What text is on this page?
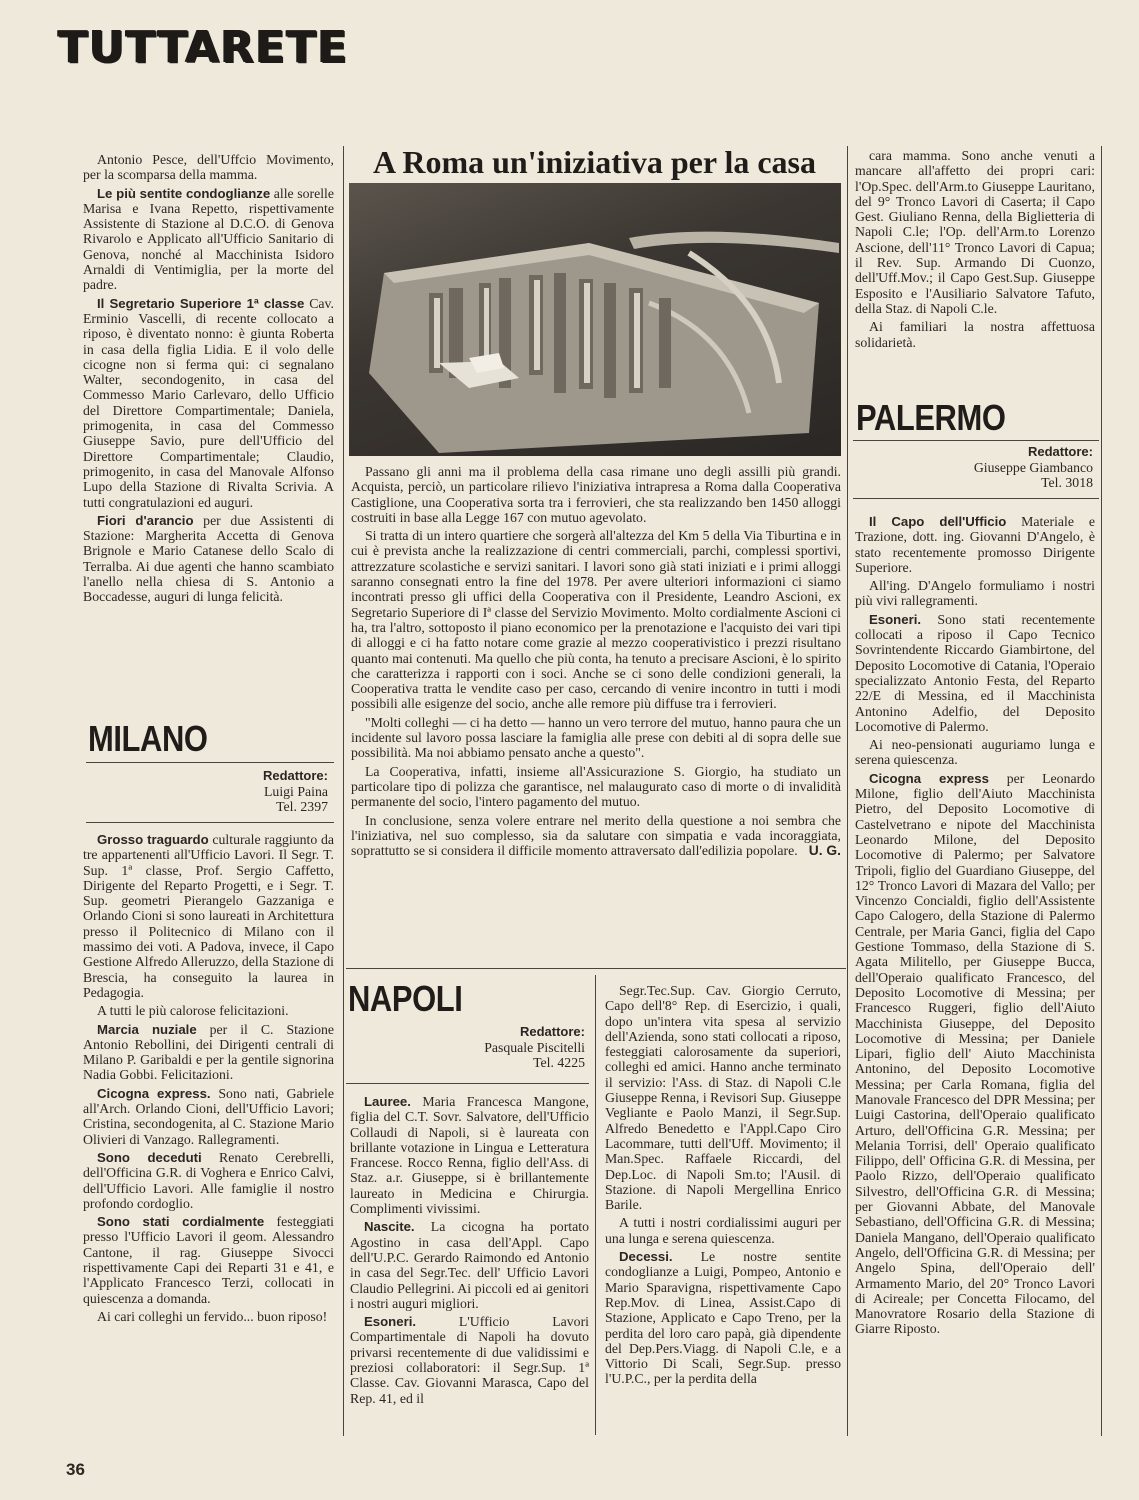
TUTTARETE

Antonio Pesce, dell'Uffcio Movimento, per la scomparsa della mamma.

Le più sentite condoglianze alle sorelle Marisa e Ivana Repetto, rispettivamente Assistente di Stazione al D.C.O. di Genova Rivarolo e Applicato all'Ufficio Sanitario di Genova, nonché al Macchinista Isidoro Arnaldi di Ventimiglia, per la morte del padre.

Il Segretario Superiore 1ª classe Cav. Erminio Vascelli, di recente collocato a riposo, è diventato nonno: è giunta Roberta in casa della figlia Lidia. E il volo delle cicogne non si ferma qui: ci segnalano Walter, secondogenito, in casa del Commesso Mario Carlevaro, dello Ufficio del Direttore Compartimentale; Daniela, primogenita, in casa del Commesso Giuseppe Savio, pure dell'Ufficio del Direttore Compartimentale; Claudio, primogenito, in casa del Manovale Alfonso Lupo della Stazione di Rivalta Scrivia. A tutti congratulazioni ed auguri.

Fiori d'arancio per due Assistenti di Stazione: Margherita Accetta di Genova Brignole e Mario Catanese dello Scalo di Terralba. Ai due agenti che hanno scambiato l'anello nella chiesa di S. Antonio a Boccadesse, auguri di lunga felicità.

MILANO
Redattore:
Luigi Paina
Tel. 2397

Grosso traguardo culturale raggiunto da tre appartenenti all'Ufficio Lavori. Il Segr. T. Sup. 1ª classe, Prof. Sergio Caffetto, Dirigente del Reparto Progetti, e i Segr. T. Sup. geometri Pierangelo Gazzaniga e Orlando Cioni si sono laureati in Architettura presso il Politecnico di Milano con il massimo dei voti. A Padova, invece, il Capo Gestione Alfredo Alleruzzo, della Stazione di Brescia, ha conseguito la laurea in Pedagogia.

A tutti le più calorose felicitazioni.

Marcia nuziale per il C. Stazione Antonio Rebollini, dei Dirigenti centrali di Milano P. Garibaldi e per la gentile signorina Nadia Gobbi. Felicitazioni.

Cicogna express. Sono nati, Gabriele all'Arch. Orlando Cioni, dell'Ufficio Lavori; Cristina, secondogenita, al C. Stazione Mario Olivieri di Vanzago. Rallegramenti.

Sono deceduti Renato Cerebrelli, dell'Officina G.R. di Voghera e Enrico Calvi, dell'Ufficio Lavori. Alle famiglie il nostro profondo cordoglio.

Sono stati cordialmente festeggiati presso l'Ufficio Lavori il geom. Alessandro Cantone, il rag. Giuseppe Sivocci rispettivamente Capi dei Reparti 31 e 41, e l'Applicato Francesco Terzi, collocati in quiescenza a domanda.

Ai cari colleghi un fervido... buon riposo!

A Roma un'iniziativa per la casa

Passano gli anni ma il problema della casa rimane uno degli assilli più grandi. Acquista, perciò, un particolare rilievo l'iniziativa intrapresa a Roma dalla Cooperativa Castiglione, una Cooperativa sorta tra i ferrovieri, che sta realizzando ben 1450 alloggi costruiti in base alla Legge 167 con mutuo agevolato.

Si tratta di un intero quartiere che sorgerà all'altezza del Km 5 della Via Tiburtina e in cui è prevista anche la realizzazione di centri commerciali, parchi, complessi sportivi, attrezzature scolastiche e servizi sanitari. I lavori sono già stati iniziati e i primi alloggi saranno consegnati entro la fine del 1978. Per avere ulteriori informazioni ci siamo incontrati presso gli uffici della Cooperativa con il Presidente, Leandro Ascioni, ex Segretario Superiore di Iª classe del Servizio Movimento. Molto cordialmente Ascioni ci ha, tra l'altro, sottoposto il piano economico per la prenotazione e l'acquisto dei vari tipi di alloggi e ci ha fatto notare come grazie al mezzo cooperativistico i prezzi risultano quanto mai contenuti. Ma quello che più conta, ha tenuto a precisare Ascioni, è lo spirito che caratterizza i rapporti con i soci. Anche se ci sono delle condizioni generali, la Cooperativa tratta le vendite caso per caso, cercando di venire incontro in tutti i modi possibili alle esigenze del socio, anche alle remore più diffuse tra i ferrovieri.

"Molti colleghi — ci ha detto — hanno un vero terrore del mutuo, hanno paura che un incidente sul lavoro possa lasciare la famiglia alle prese con debiti al di sopra delle sue possibilità. Ma noi abbiamo pensato anche a questo".

La Cooperativa, infatti, insieme all'Assicurazione S. Giorgio, ha studiato un particolare tipo di polizza che garantisce, nel malaugurato caso di morte o di invalidità permanente del socio, l'intero pagamento del mutuo.

In conclusione, senza volere entrare nel merito della questione a noi sembra che l'iniziativa, nel suo complesso, sia da salutare con simpatia e vada incoraggiata, soprattutto se si considera il difficile momento attraversato dall'edilizia popolare. U. G.
NAPOLI
Redattore:
Pasquale Piscitelli
Tel. 4225

Lauree. Maria Francesca Mangone, figlia del C.T. Sovr. Salvatore, dell'Ufficio Collaudi di Napoli, si è laureata con brillante votazione in Lingua e Letteratura Francese. Rocco Renna, figlio dell'Ass. di Staz. a.r. Giuseppe, si è brillantemente laureato in Medicina e Chirurgia. Complimenti vivissimi.

Nascite. La cicogna ha portato Agostino in casa dell'Appl. Capo dell'U.P.C. Gerardo Raimondo ed Antonio in casa del Segr.Tec. dell' Ufficio Lavori Claudio Pellegrini. Ai piccoli ed ai genitori i nostri auguri migliori.

Esoneri. L'Ufficio Lavori Compartimentale di Napoli ha dovuto privarsi recentemente di due validissimi e preziosi collaboratori: il Segr.Sup. 1ª Classe. Cav. Giovanni Marasca, Capo del Rep. 41, ed il

Segr.Tec.Sup. Cav. Giorgio Cerruto, Capo dell'8° Rep. di Esercizio, i quali, dopo un'intera vita spesa al servizio dell'Azienda, sono stati collocati a riposo, festeggiati calorosamente da superiori, colleghi ed amici. Hanno anche terminato il servizio: l'Ass. di Staz. di Napoli C.le Giuseppe Renna, i Revisori Sup. Giuseppe Vegliante e Paolo Manzi, il Segr.Sup. Alfredo Benedetto e l'Appl.Capo Ciro Lacommare, tutti dell'Uff. Movimento; il Man.Spec. Raffaele Riccardi, del Dep.Loc. di Napoli Sm.to; l'Ausil. di Stazione. di Napoli Mergellina Enrico Barile.

A tutti i nostri cordialissimi auguri per una lunga e serena quiescenza.

Decessi. Le nostre sentite condoglianze a Luigi, Pompeo, Antonio e Mario Sparavigna, rispettivamente Capo Rep.Mov. di Linea, Assist.Capo di Stazione, Applicato e Capo Treno, per la perdita del loro caro papà, già dipendente del Dep.Pers.Viagg. di Napoli C.le, e a Vittorio Di Scali, Segr.Sup. presso l'U.P.C., per la perdita della

cara mamma. Sono anche venuti a mancare all'affetto dei propri cari: l'Op.Spec. dell'Arm.to Giuseppe Lauritano, del 9° Tronco Lavori di Caserta; il Capo Gest. Giuliano Renna, della Biglietteria di Napoli C.le; l'Op. dell'Arm.to Lorenzo Ascione, dell'11° Tronco Lavori di Capua; il Rev. Sup. Armando Di Cuonzo, dell'Uff.Mov.; il Capo Gest.Sup. Giuseppe Esposito e l'Ausiliario Salvatore Tafuto, della Staz. di Napoli C.le.

Ai familiari la nostra affettuosa solidarietà.

PALERMO
Redattore:
Giuseppe Giambanco
Tel. 3018

Il Capo dell'Ufficio Materiale e Trazione, dott. ing. Giovanni D'Angelo, è stato recentemente promosso Dirigente Superiore.

All'ing. D'Angelo formuliamo i nostri più vivi rallegramenti.

Esoneri. Sono stati recentemente collocati a riposo il Capo Tecnico Sovrintendente Riccardo Giambirtone, del Deposito Locomotive di Catania, l'Operaio specializzato Antonio Festa, del Reparto 22/E di Messina, ed il Macchinista Antonino Adelfio, del Deposito Locomotive di Palermo.

Ai neo-pensionati auguriamo lunga e serena quiescenza.

Cicogna express per Leonardo Milone, figlio dell'Aiuto Macchinista Pietro, del Deposito Locomotive di Castelvetrano e nipote del Macchinista Leonardo Milone, del Deposito Locomotive di Palermo; per Salvatore Tripoli, figlio del Guardiano Giuseppe, del 12° Tronco Lavori di Mazara del Vallo; per Vincenzo Concialdi, figlio dell'Assistente Capo Calogero, della Stazione di Palermo Centrale, per Maria Ganci, figlia del Capo Gestione Tommaso, della Stazione di S. Agata Militello, per Giuseppe Bucca, dell'Operaio qualificato Francesco, del Deposito Locomotive di Messina; per Francesco Ruggeri, figlio dell'Aiuto Macchinista Giuseppe, del Deposito Locomotive di Messina; per Daniele Lipari, figlio dell' Aiuto Macchinista Antonino, del Deposito Locomotive Messina; per Carla Romana, figlia del Manovale Francesco del DPR Messina; per Luigi Castorina, dell'Operaio qualificato Arturo, dell'Officina G.R. Messina; per Melania Torrisi, dell' Operaio qualificato Filippo, dell' Officina G.R. di Messina, per Paolo Rizzo, dell'Operaio qualificato Silvestro, dell'Officina G.R. di Messina; per Giovanni Abbate, del Manovale Sebastiano, dell'Officina G.R. di Messina; Daniela Mangano, dell'Operaio qualificato Angelo, dell'Officina G.R. di Messina; per Angelo Spina, dell'Operaio dell' Armamento Mario, del 20° Tronco Lavori di Acireale; per Concetta Filocamo, del Manovratore Rosario della Stazione di Giarre Riposto.

36
